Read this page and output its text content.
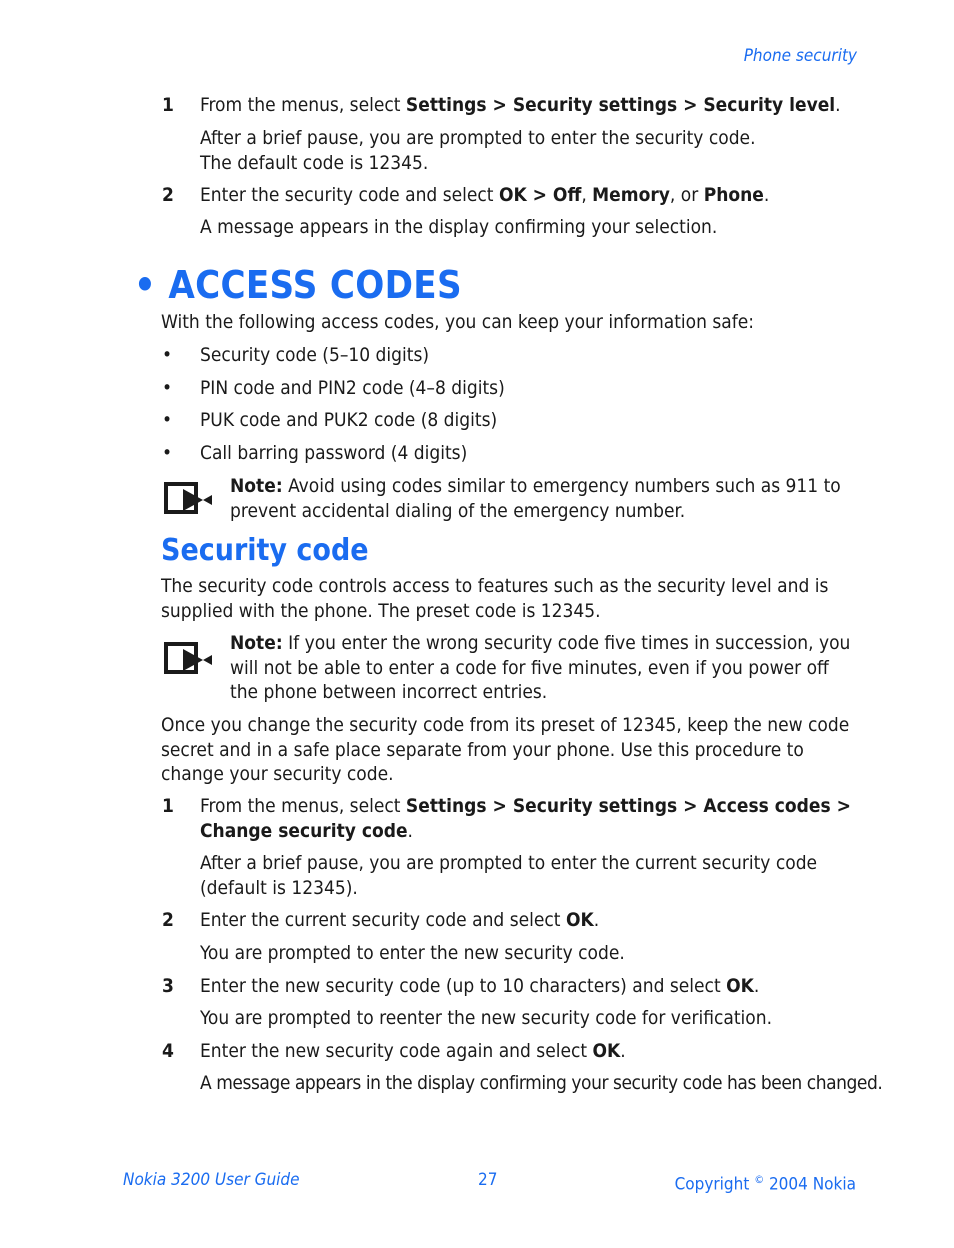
Phone security
1 From the menus, select Settings > Security settings > Security level.
After a brief pause, you are prompted to enter the security code.
The default code is 12345.
2 Enter the security code and select OK > Off, Memory, or Phone.
A message appears in the display confirming your selection.
• ACCESS CODES
With the following access codes, you can keep your information safe:
• Security code (5–10 digits)
• PIN code and PIN2 code (4–8 digits)
• PUK code and PUK2 code (8 digits)
• Call barring password (4 digits)
Note: Avoid using codes similar to emergency numbers such as 911 to prevent accidental dialing of the emergency number.
Security code
The security code controls access to features such as the security level and is supplied with the phone. The preset code is 12345.
Note: If you enter the wrong security code five times in succession, you will not be able to enter a code for five minutes, even if you power off the phone between incorrect entries.
Once you change the security code from its preset of 12345, keep the new code secret and in a safe place separate from your phone. Use this procedure to change your security code.
1 From the menus, select Settings > Security settings > Access codes > Change security code.
After a brief pause, you are prompted to enter the current security code (default is 12345).
2 Enter the current security code and select OK.
You are prompted to enter the new security code.
3 Enter the new security code (up to 10 characters) and select OK.
You are prompted to reenter the new security code for verification.
4 Enter the new security code again and select OK.
A message appears in the display confirming your security code has been changed.
Nokia 3200 User Guide	27	Copyright © 2004 Nokia
